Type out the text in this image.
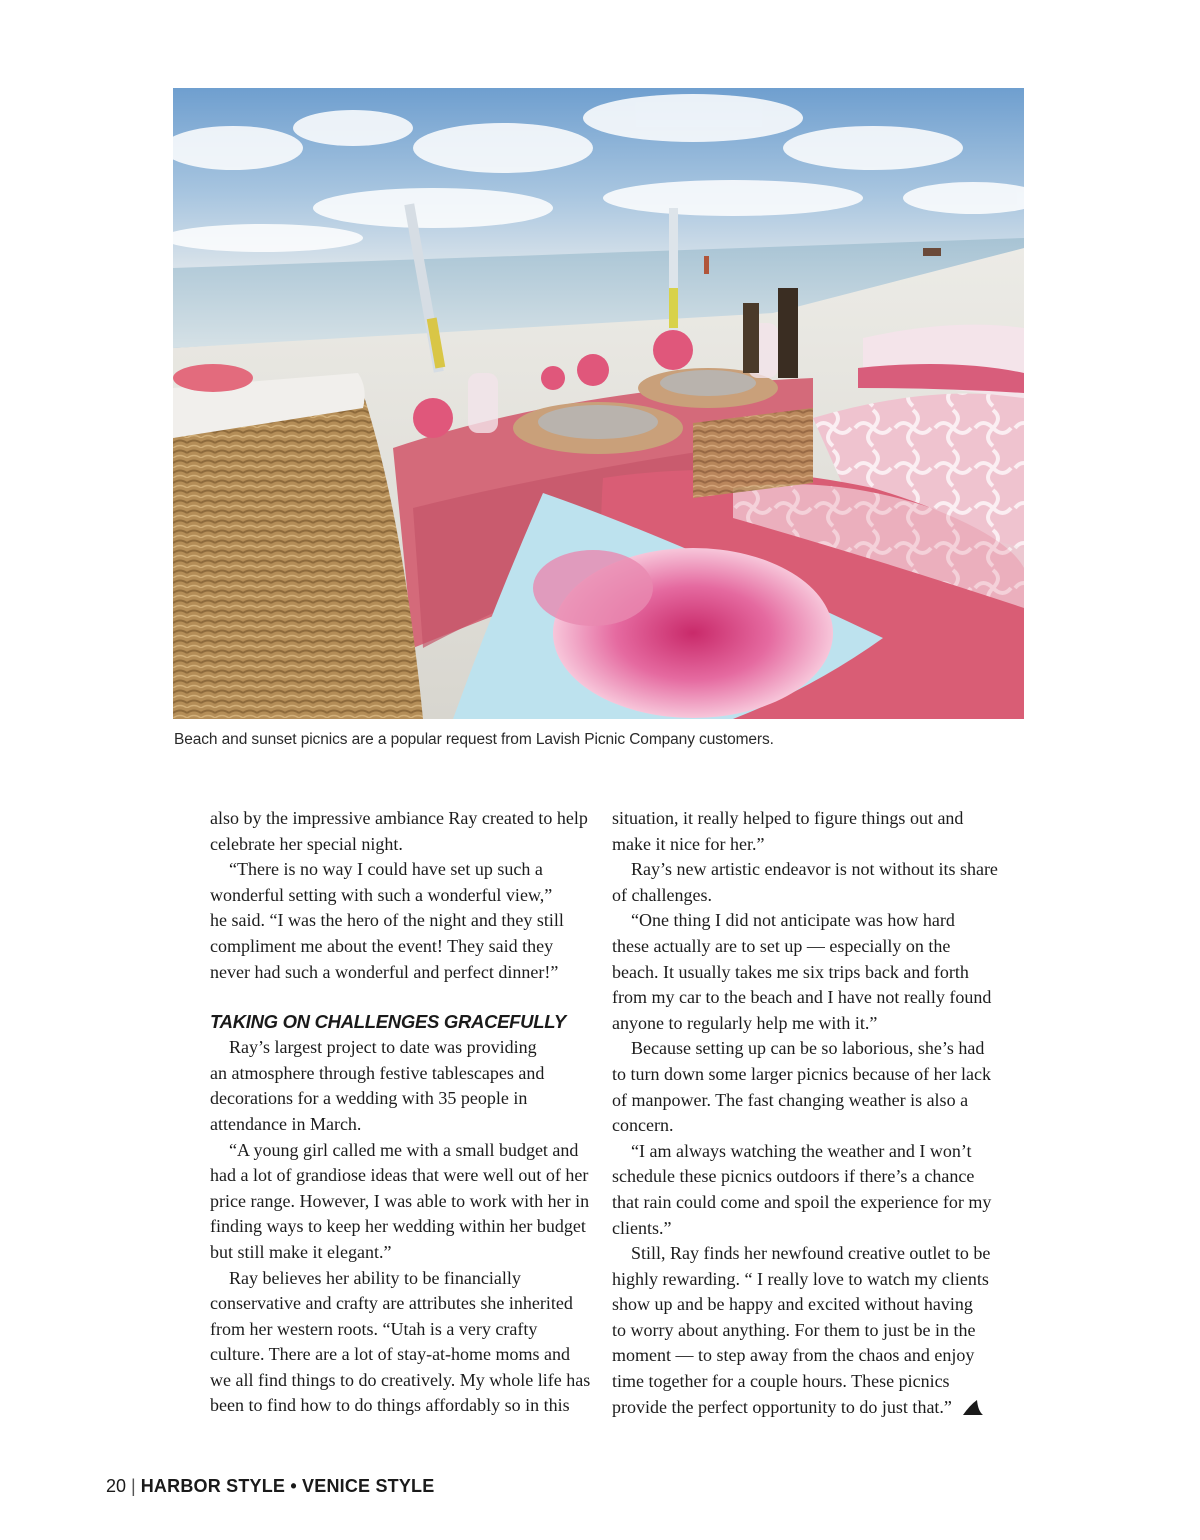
Beach and sunset picnics are a popular request from Lavish Picnic Company customers.

also by the impressive ambiance Ray created to help
celebrate her special night.

“There is no way I could have set up such a
wonderful setting with such a wonderful view,”
he said. “I was the hero of the night and they still
compliment me about the event! They said they
never had such a wonderful and perfect dinner!”

TAKING ON CHALLENGES GRACEFULLY

Ray’s largest project to date was providing
an atmosphere through festive tablescapes and
decorations for a wedding with 35 people in
attendance in March.

“A young girl called me with a small budget and
had a lot of grandiose ideas that were well out of her
price range. However, I was able to work with her in
finding ways to keep her wedding within her budget
but still make it elegant.”

Ray believes her ability to be financially
conservative and crafty are attributes she inherited
from her western roots. “Utah is a very crafty
culture. There are a lot of stay-at-home moms and
we all find things to do creatively. My whole life has
been to find how to do things affordably so in this

situation, it really helped to figure things out and
make it nice for her.”

Ray’s new artistic endeavor is not without its share
of challenges.

“One thing I did not anticipate was how hard
these actually are to set up — especially on the
beach. It usually takes me six trips back and forth
from my car to the beach and I have not really found
anyone to regularly help me with it.”

Because setting up can be so laborious, she’s had
to turn down some larger picnics because of her lack
of manpower. The fast changing weather is also a
concern.

“I am always watching the weather and I won’t
schedule these picnics outdoors if there’s a chance
that rain could come and spoil the experience for my
clients.”

Still, Ray finds her newfound creative outlet to be
highly rewarding. “ I really love to watch my clients
show up and be happy and excited without having
to worry about anything. For them to just be in the
moment — to step away from the chaos and enjoy
time together for a couple hours. These picnics
provide the perfect opportunity to do just that.”

20 | HARBOR STYLE • VENICE STYLE
